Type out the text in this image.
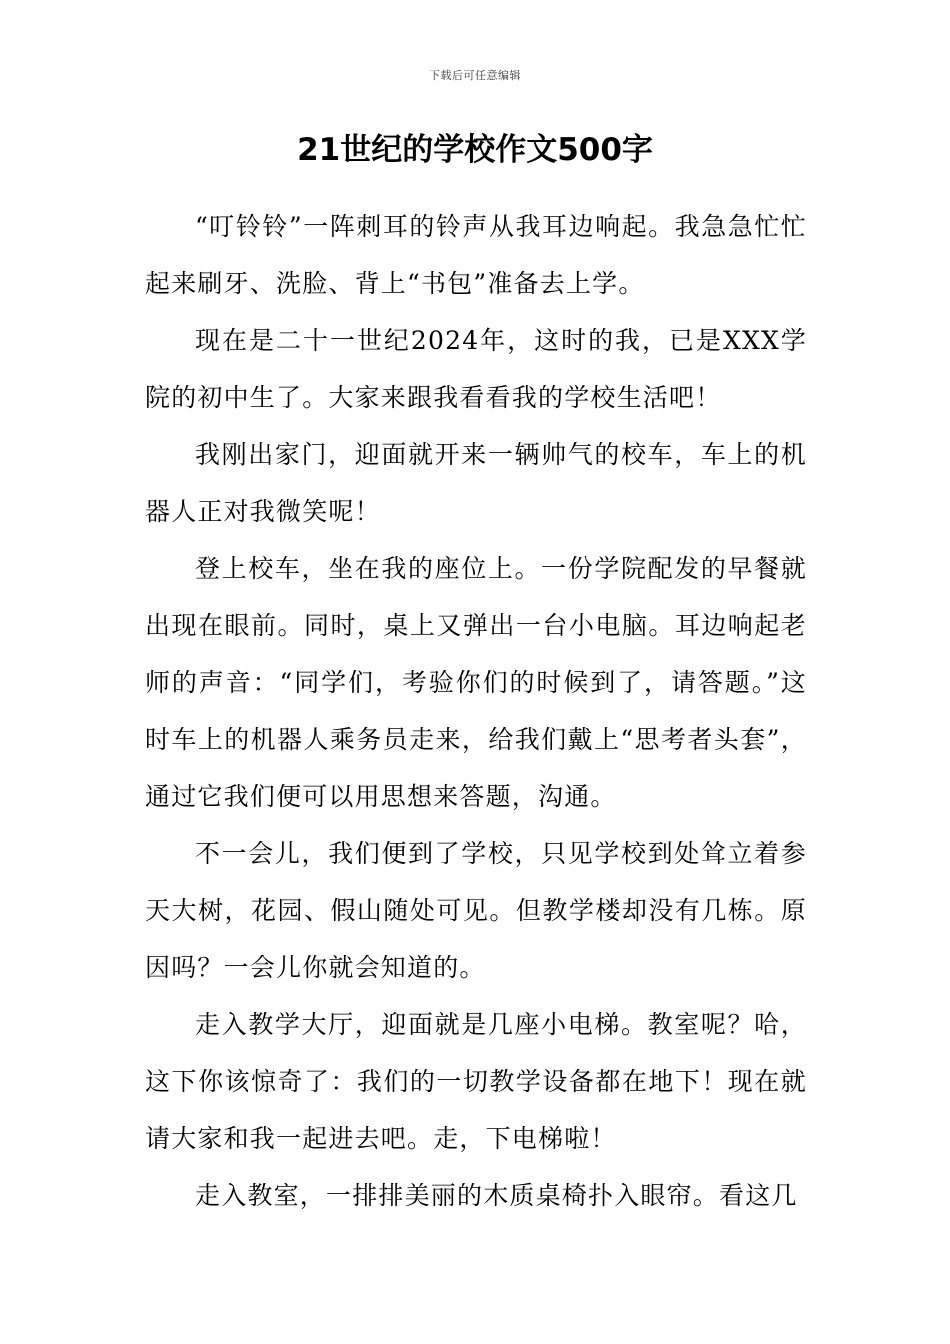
下载后可任意编辑
21世纪的学校作文500字

“叮铃铃”一阵刺耳的铃声从我耳边响起。我急急忙忙起来刷牙、洗脸、背上“书包”准备去上学。

现在是二十一世纪2024年，这时的我，已是XXX学院的初中生了。大家来跟我看看我的学校生活吧！

我刚出家门，迎面就开来一辆帅气的校车，车上的机器人正对我微笑呢！

登上校车，坐在我的座位上。一份学院配发的早餐就出现在眼前。同时，桌上又弹出一台小电脑。耳边响起老师的声音：“同学们，考验你们的时候到了，请答题。”这时车上的机器人乘务员走来，给我们戴上“思考者头套”，通过它我们便可以用思想来答题，沟通。

不一会儿，我们便到了学校，只见学校到处耸立着参天大树，花园、假山随处可见。但教学楼却没有几栋。原因吗？一会儿你就会知道的。

走入教学大厅，迎面就是几座小电梯。教室呢？哈，这下你该惊奇了：我们的一切教学设备都在地下！现在就请大家和我一起进去吧。走，下电梯啦！

走入教室，一排排美丽的木质桌椅扑入眼帘。看这几
